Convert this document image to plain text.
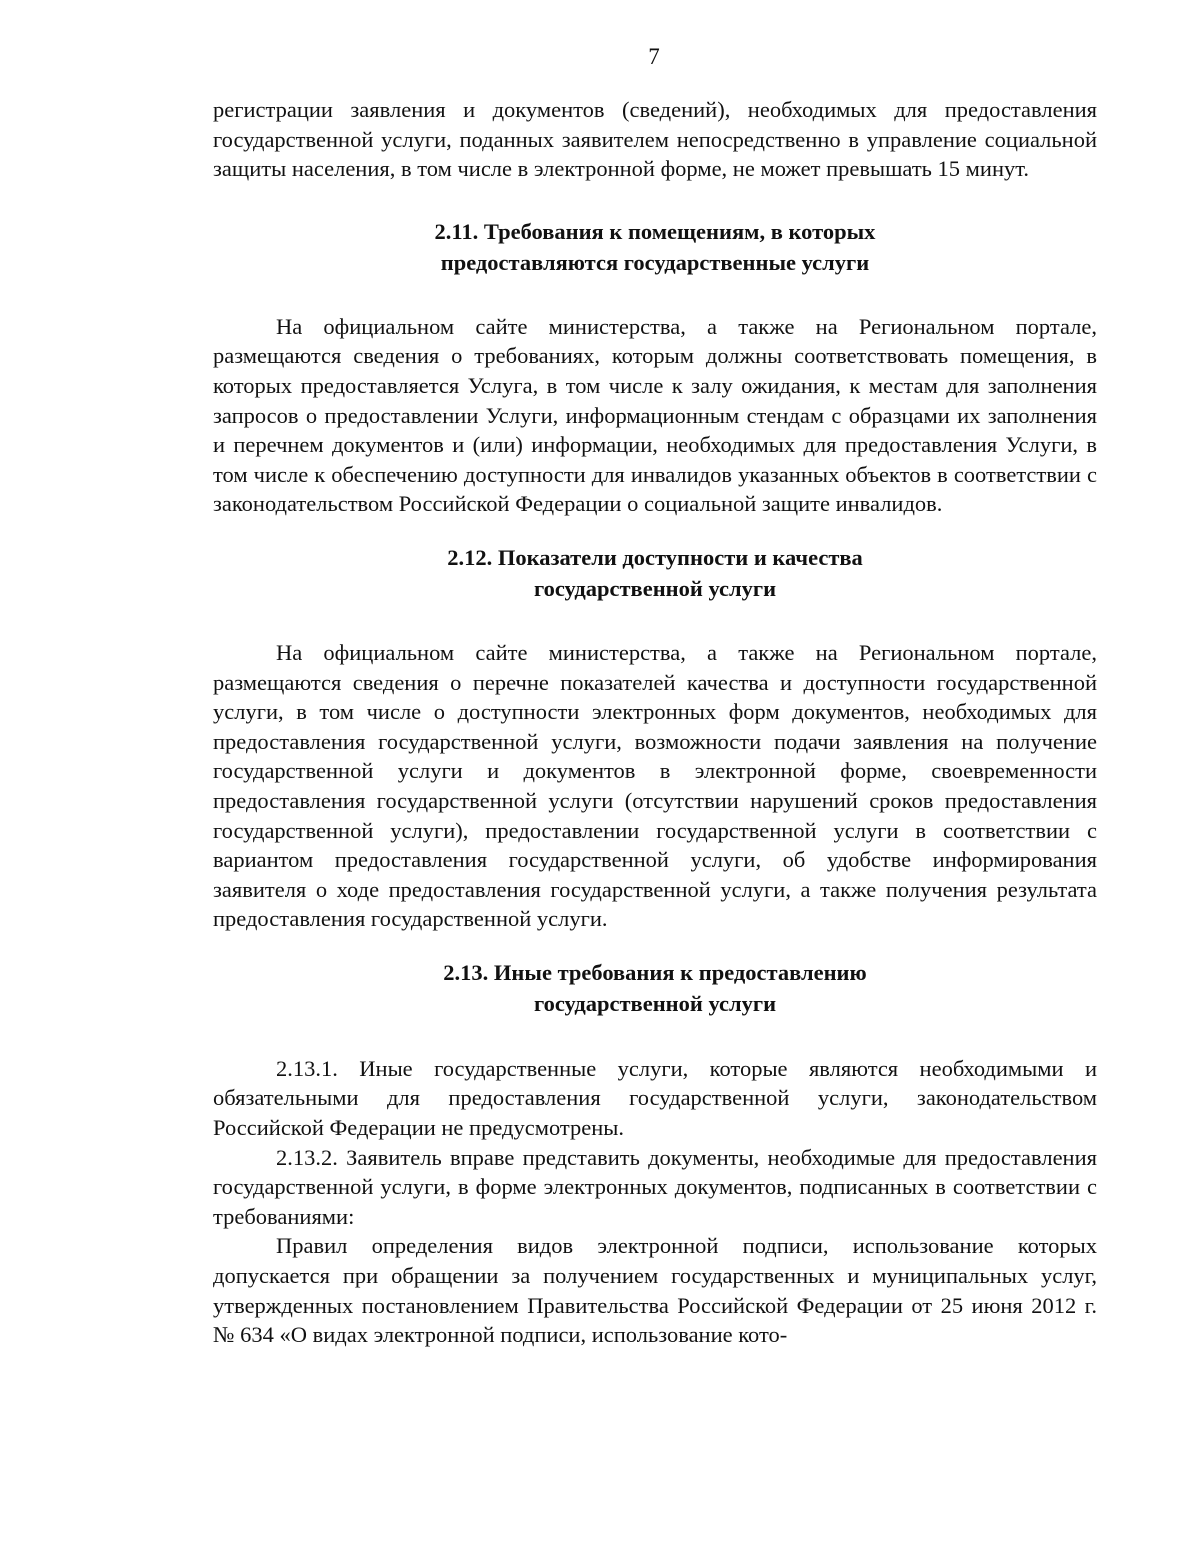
7

регистрации заявления и документов (сведений), необходимых для предоставления государственной услуги, поданных заявителем непосредственно в управление социальной защиты населения, в том числе в электронной форме, не может превышать 15 минут.

2.11. Требования к помещениям, в которых
предоставляются государственные услуги

На официальном сайте министерства, а также на Региональном портале, размещаются сведения о требованиях, которым должны соответствовать помещения, в которых предоставляется Услуга, в том числе к залу ожидания, к местам для заполнения запросов о предоставлении Услуги, информационным стендам с образцами их заполнения и перечнем документов и (или) информации, необходимых для предоставления Услуги, в том числе к обеспечению доступности для инвалидов указанных объектов в соответствии с законодательством Российской Федерации о социальной защите инвалидов.

2.12. Показатели доступности и качества
государственной услуги

На официальном сайте министерства, а также на Региональном портале, размещаются сведения о перечне показателей качества и доступности государственной услуги, в том числе о доступности электронных форм документов, необходимых для предоставления государственной услуги, возможности подачи заявления на получение государственной услуги и документов в электронной форме, своевременности предоставления государственной услуги (отсутствии нарушений сроков предоставления государственной услуги), предоставлении государственной услуги в соответствии с вариантом предоставления государственной услуги, об удобстве информирования заявителя о ходе предоставления государственной услуги, а также получения результата предоставления государственной услуги.

2.13. Иные требования к предоставлению
государственной услуги

2.13.1. Иные государственные услуги, которые являются необходимыми и обязательными для предоставления государственной услуги, законодательством Российской Федерации не предусмотрены.

2.13.2. Заявитель вправе представить документы, необходимые для предоставления государственной услуги, в форме электронных документов, подписанных в соответствии с требованиями:

Правил определения видов электронной подписи, использование которых допускается при обращении за получением государственных и муниципальных услуг, утвержденных постановлением Правительства Российской Федерации от 25 июня 2012 г. № 634 «О видах электронной подписи, использование кото-
